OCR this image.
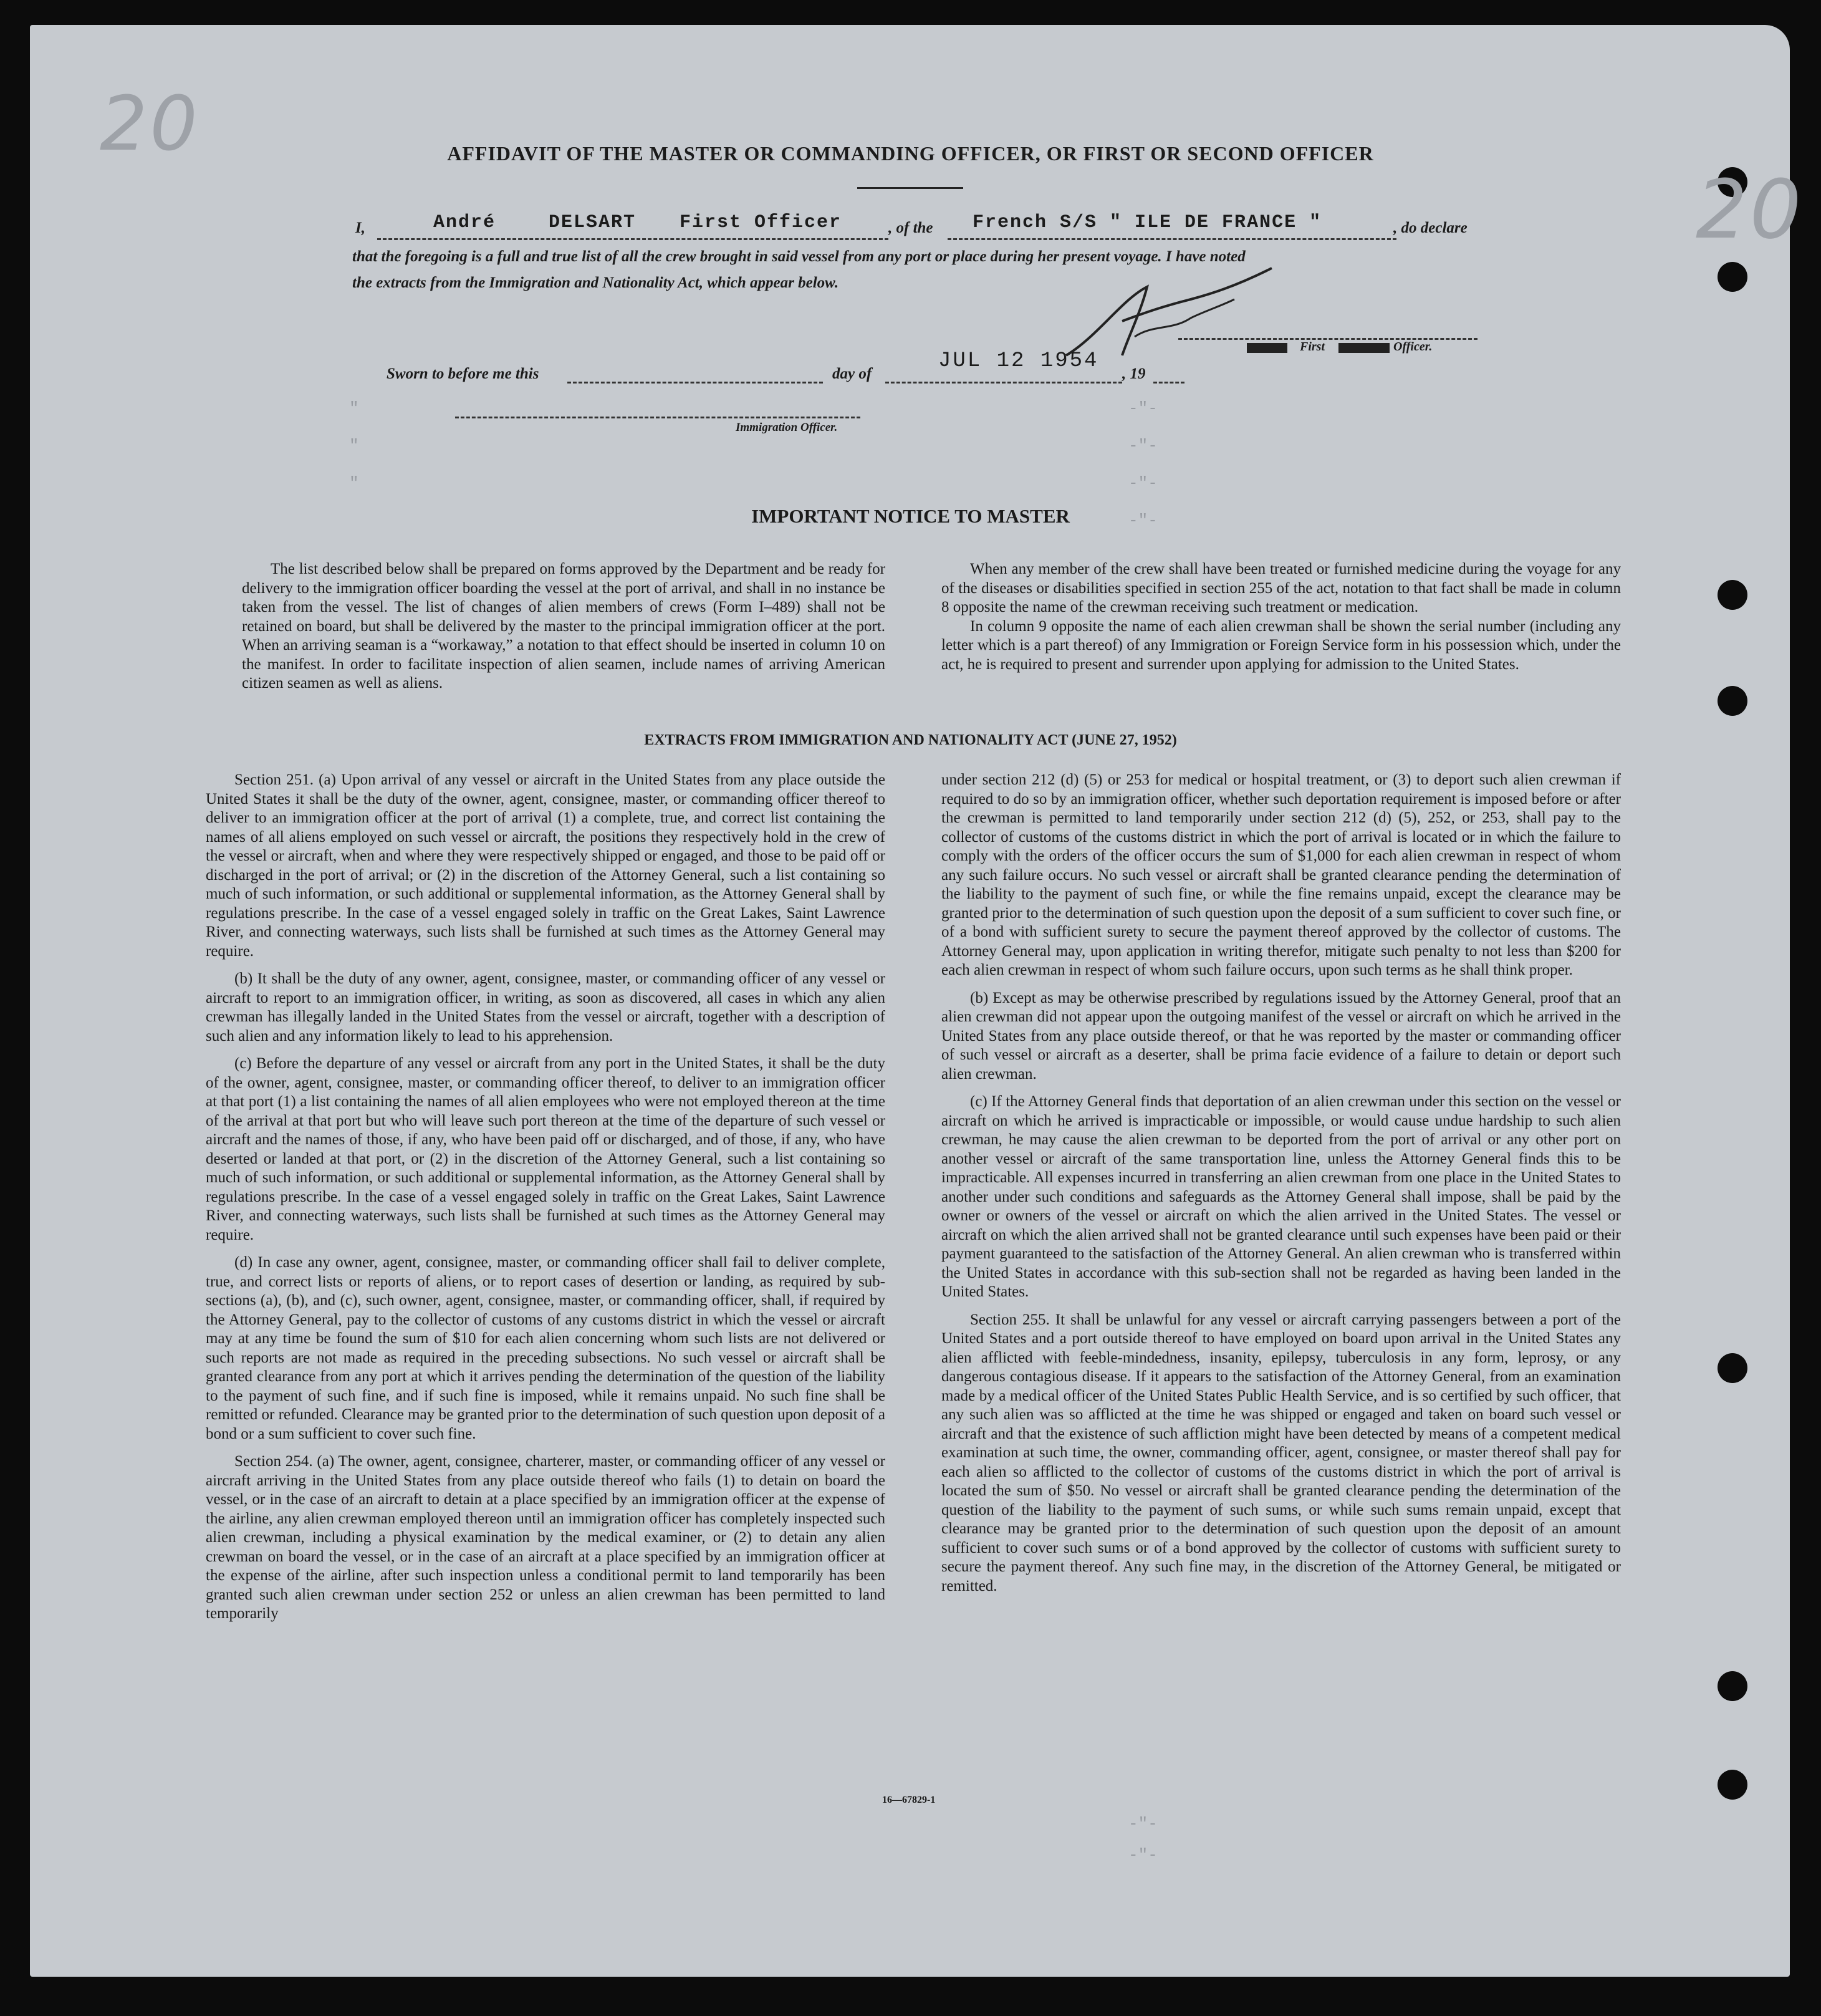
20
20
"
"
"
-"-
-"-
-"-
-"-
-"-
-"-
AFFIDAVIT OF THE MASTER OR COMMANDING OFFICER, OR FIRST OR SECOND OFFICER
I,	André	DELSART First Officer	, of the French S/S " ILE DE FRANCE "	, do declare
that the foregoing is a full and true list of all the crew brought in said vessel from any port or place during her present voyage. I have noted
the extracts from the Immigration and Nationality Act, which appear below.
First	Officer.
Sworn to before me this	day of
JUL 12 1954
, 19
Immigration Officer.
IMPORTANT NOTICE TO MASTER

The list described below shall be prepared on forms approved by the Department and be ready for delivery to the immigration officer boarding the vessel at the port of arrival, and shall in no instance be taken from the vessel. The list of changes of alien members of crews (Form I–489) shall not be retained on board, but shall be delivered by the master to the principal immigration officer at the port. When an arriving seaman is a “workaway,” a notation to that effect should be inserted in column 10 on the manifest. In order to facilitate inspection of alien seamen, include names of arriving American citizen seamen as well as aliens.

When any member of the crew shall have been treated or furnished medicine during the voyage for any of the diseases or disabilities specified in section 255 of the act, notation to that fact shall be made in column 8 opposite the name of the crewman receiving such treatment or medication.

In column 9 opposite the name of each alien crewman shall be shown the serial number (including any letter which is a part thereof) of any Immigration or Foreign Service form in his possession which, under the act, he is required to present and surrender upon applying for admission to the United States.

EXTRACTS FROM IMMIGRATION AND NATIONALITY ACT (JUNE 27, 1952)

Section 251. (a) Upon arrival of any vessel or aircraft in the United States from any place outside the United States it shall be the duty of the owner, agent, consignee, master, or commanding officer thereof to deliver to an immigration officer at the port of arrival (1) a complete, true, and correct list containing the names of all aliens employed on such vessel or aircraft, the positions they respectively hold in the crew of the vessel or aircraft, when and where they were respectively shipped or engaged, and those to be paid off or discharged in the port of arrival; or (2) in the discretion of the Attorney General, such a list containing so much of such information, or such additional or supplemental information, as the Attorney General shall by regulations prescribe. In the case of a vessel engaged solely in traffic on the Great Lakes, Saint Lawrence River, and connecting waterways, such lists shall be furnished at such times as the Attorney General may require.

(b) It shall be the duty of any owner, agent, consignee, master, or commanding officer of any vessel or aircraft to report to an immigration officer, in writing, as soon as discovered, all cases in which any alien crewman has illegally landed in the United States from the vessel or aircraft, together with a description of such alien and any information likely to lead to his apprehension.

(c) Before the departure of any vessel or aircraft from any port in the United States, it shall be the duty of the owner, agent, consignee, master, or commanding officer thereof, to deliver to an immigration officer at that port (1) a list containing the names of all alien employees who were not employed thereon at the time of the arrival at that port but who will leave such port thereon at the time of the departure of such vessel or aircraft and the names of those, if any, who have been paid off or discharged, and of those, if any, who have deserted or landed at that port, or (2) in the discretion of the Attorney General, such a list containing so much of such information, or such additional or supplemental information, as the Attorney General shall by regulations prescribe. In the case of a vessel engaged solely in traffic on the Great Lakes, Saint Lawrence River, and connecting waterways, such lists shall be furnished at such times as the Attorney General may require.

(d) In case any owner, agent, consignee, master, or commanding officer shall fail to deliver complete, true, and correct lists or reports of aliens, or to report cases of desertion or landing, as required by sub-sections (a), (b), and (c), such owner, agent, consignee, master, or commanding officer, shall, if required by the Attorney General, pay to the collector of customs of any customs district in which the vessel or aircraft may at any time be found the sum of $10 for each alien concerning whom such lists are not delivered or such reports are not made as required in the preceding subsections. No such vessel or aircraft shall be granted clearance from any port at which it arrives pending the determination of the question of the liability to the payment of such fine, and if such fine is imposed, while it remains unpaid. No such fine shall be remitted or refunded. Clearance may be granted prior to the determination of such question upon deposit of a bond or a sum sufficient to cover such fine.

Section 254. (a) The owner, agent, consignee, charterer, master, or commanding officer of any vessel or aircraft arriving in the United States from any place outside thereof who fails (1) to detain on board the vessel, or in the case of an aircraft to detain at a place specified by an immigration officer at the expense of the airline, any alien crewman employed thereon until an immigration officer has completely inspected such alien crewman, including a physical examination by the medical examiner, or (2) to detain any alien crewman on board the vessel, or in the case of an aircraft at a place specified by an immigration officer at the expense of the airline, after such inspection unless a conditional permit to land temporarily has been granted such alien crewman under section 252 or unless an alien crewman has been permitted to land temporarily

under section 212 (d) (5) or 253 for medical or hospital treatment, or (3) to deport such alien crewman if required to do so by an immigration officer, whether such deportation requirement is imposed before or after the crewman is permitted to land temporarily under section 212 (d) (5), 252, or 253, shall pay to the collector of customs of the customs district in which the port of arrival is located or in which the failure to comply with the orders of the officer occurs the sum of $1,000 for each alien crewman in respect of whom any such failure occurs. No such vessel or aircraft shall be granted clearance pending the determination of the liability to the payment of such fine, or while the fine remains unpaid, except the clearance may be granted prior to the determination of such question upon the deposit of a sum sufficient to cover such fine, or of a bond with sufficient surety to secure the payment thereof approved by the collector of customs. The Attorney General may, upon application in writing therefor, mitigate such penalty to not less than $200 for each alien crewman in respect of whom such failure occurs, upon such terms as he shall think proper.

(b) Except as may be otherwise prescribed by regulations issued by the Attorney General, proof that an alien crewman did not appear upon the outgoing manifest of the vessel or aircraft on which he arrived in the United States from any place outside thereof, or that he was reported by the master or commanding officer of such vessel or aircraft as a deserter, shall be prima facie evidence of a failure to detain or deport such alien crewman.

(c) If the Attorney General finds that deportation of an alien crewman under this section on the vessel or aircraft on which he arrived is impracticable or impossible, or would cause undue hardship to such alien crewman, he may cause the alien crewman to be deported from the port of arrival or any other port on another vessel or aircraft of the same transportation line, unless the Attorney General finds this to be impracticable. All expenses incurred in transferring an alien crewman from one place in the United States to another under such conditions and safeguards as the Attorney General shall impose, shall be paid by the owner or owners of the vessel or aircraft on which the alien arrived in the United States. The vessel or aircraft on which the alien arrived shall not be granted clearance until such expenses have been paid or their payment guaranteed to the satisfaction of the Attorney General. An alien crewman who is transferred within the United States in accordance with this sub-section shall not be regarded as having been landed in the United States.

Section 255. It shall be unlawful for any vessel or aircraft carrying passengers between a port of the United States and a port outside thereof to have employed on board upon arrival in the United States any alien afflicted with feeble-mindedness, insanity, epilepsy, tuberculosis in any form, leprosy, or any dangerous contagious disease. If it appears to the satisfaction of the Attorney General, from an examination made by a medical officer of the United States Public Health Service, and is so certified by such officer, that any such alien was so afflicted at the time he was shipped or engaged and taken on board such vessel or aircraft and that the existence of such affliction might have been detected by means of a competent medical examination at such time, the owner, commanding officer, agent, consignee, or master thereof shall pay for each alien so afflicted to the collector of customs of the customs district in which the port of arrival is located the sum of $50. No vessel or aircraft shall be granted clearance pending the determination of the question of the liability to the payment of such sums, or while such sums remain unpaid, except that clearance may be granted prior to the determination of such question upon the deposit of an amount sufficient to cover such sums or of a bond approved by the collector of customs with sufficient surety to secure the payment thereof. Any such fine may, in the discretion of the Attorney General, be mitigated or remitted.

16—67829-1
